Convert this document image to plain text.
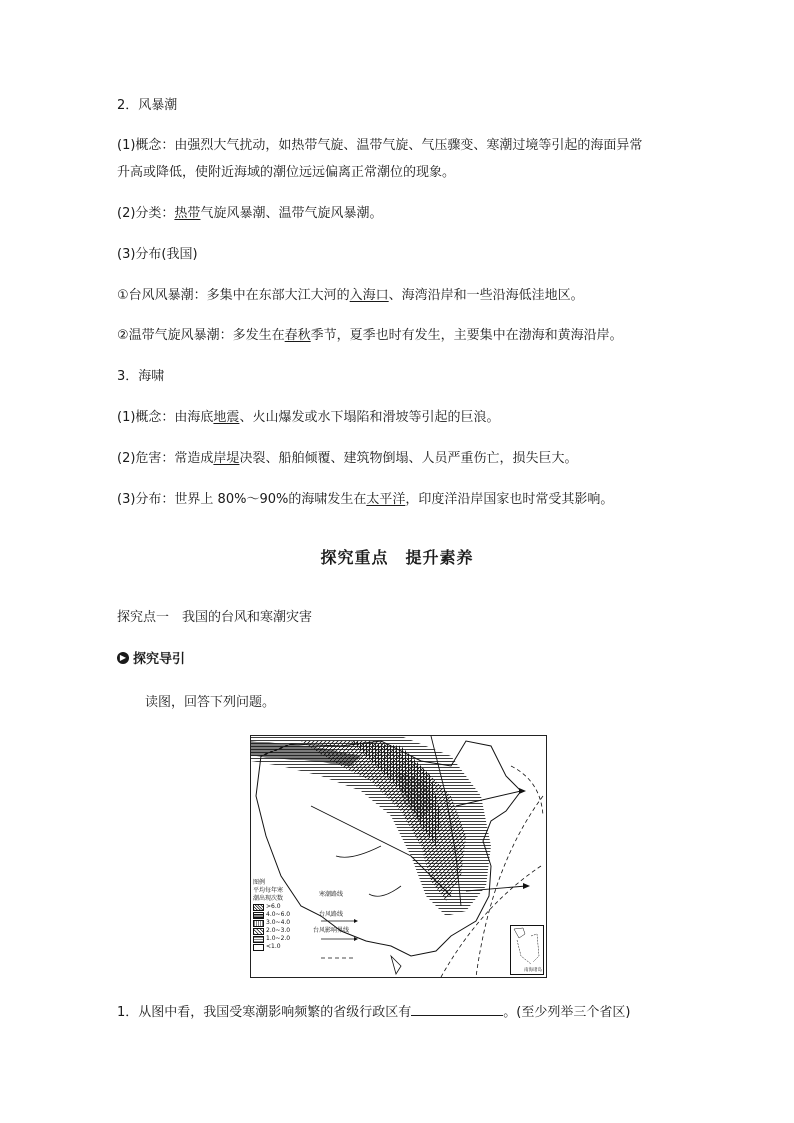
2．风暴潮
(1)概念：由强烈大气扰动，如热带气旋、温带气旋、气压骤变、寒潮过境等引起的海面异常
升高或降低，使附近海域的潮位远远偏离正常潮位的现象。
(2)分类：热带气旋风暴潮、温带气旋风暴潮。
(3)分布(我国)
①台风风暴潮：多集中在东部大江大河的入海口、海湾沿岸和一些沿海低洼地区。
②温带气旋风暴潮：多发生在春秋季节，夏季也时有发生，主要集中在渤海和黄海沿岸。
3．海啸
(1)概念：由海底地震、火山爆发或水下塌陷和滑坡等引起的巨浪。
(2)危害：常造成岸堤决裂、船舶倾覆、建筑物倒塌、人员严重伤亡，损失巨大。
(3)分布：世界上 80%～90%的海啸发生在太平洋，印度洋沿岸国家也时常受其影响。
探究重点　提升素养
探究点一　我国的台风和寒潮灾害
▶ 探究导引
读图，回答下列问题。
图例
平均每年寒
潮出现次数
>6.0
4.0~6.0
3.0~4.0
2.0~3.0
1.0~2.0
<1.0
寒潮路线
台风路线
台风影响界线
南海诸岛
1．从图中看，我国受寒潮影响频繁的省级行政区有	。(至少列举三个省区)
